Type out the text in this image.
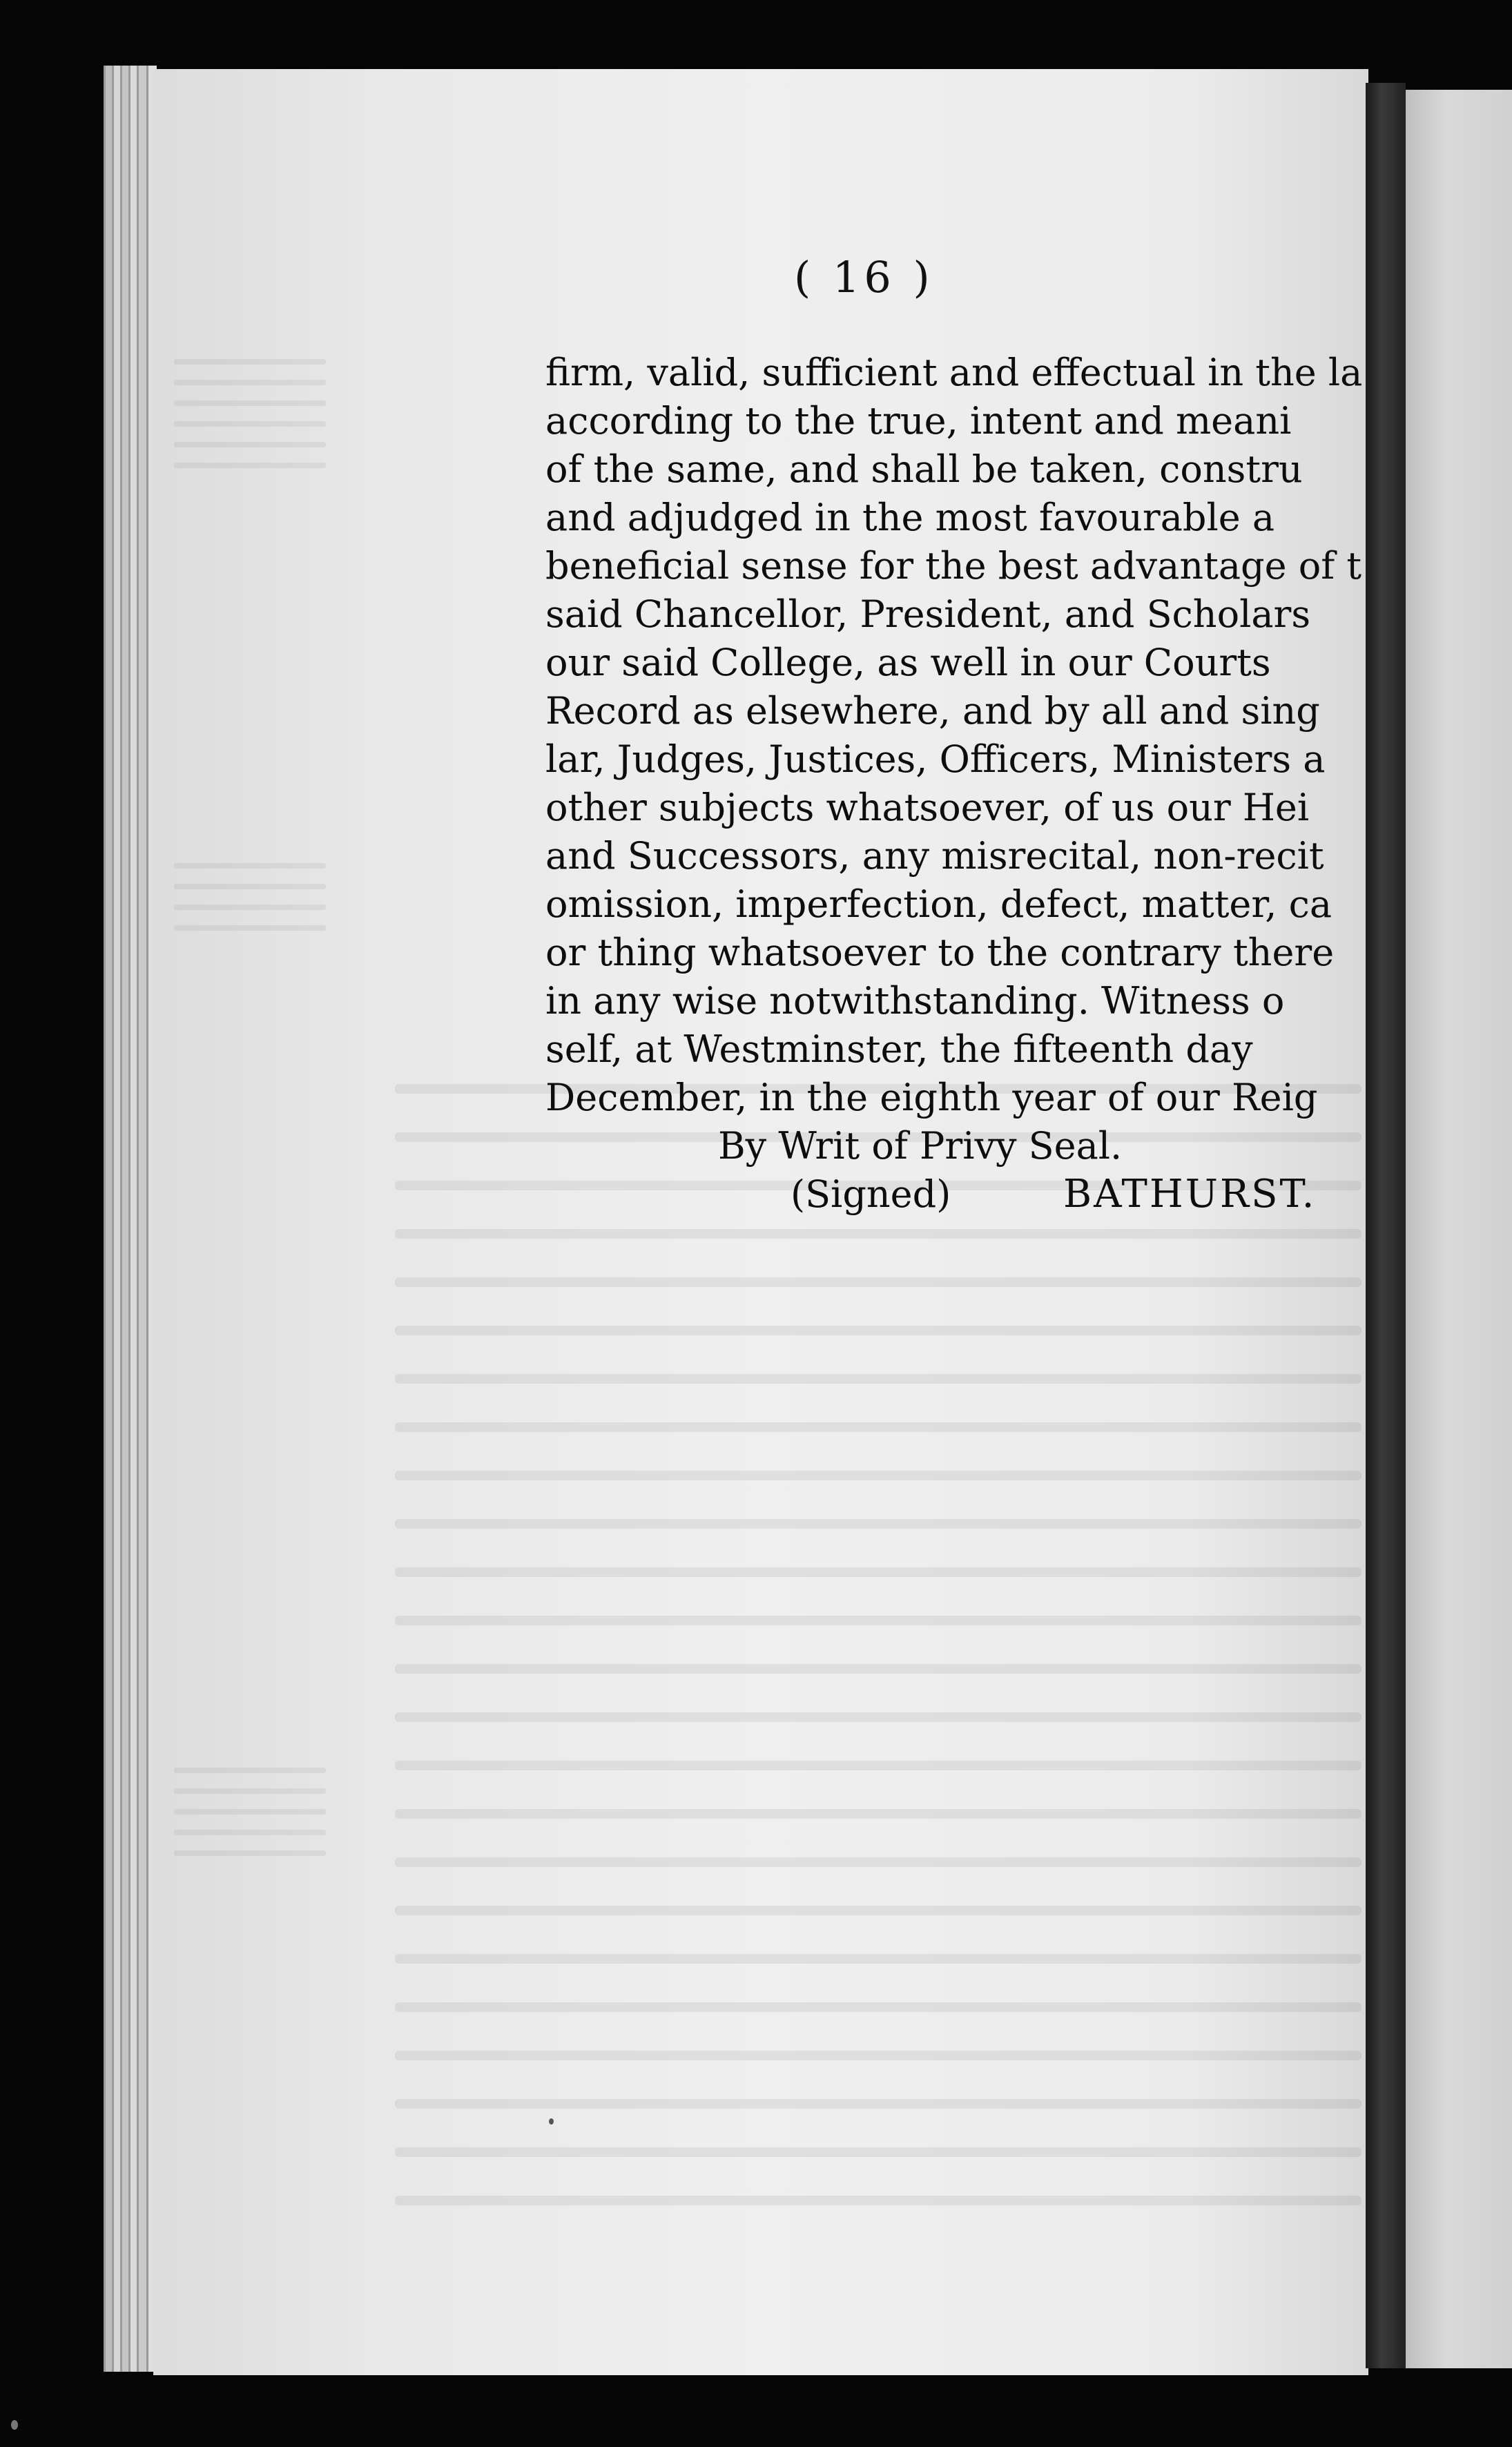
( 16 )
firm, valid, sufficient and effectual in the la
according to the true, intent and meani
of the same, and shall be taken, constru
and adjudged in the most favourable a
beneficial sense for the best advantage of t
said Chancellor, President, and Scholars
our said College, as well in our Courts
Record as elsewhere, and by all and sing
lar, Judges, Justices, Officers, Ministers a
other subjects whatsoever, of us our Hei
and Successors, any misrecital, non-recit
omission, imperfection, defect, matter, ca
or thing whatsoever to the contrary there
in any wise notwithstanding. Witness o
self, at Westminster, the fifteenth day
December, in the eighth year of our Reig
By Writ of Privy Seal.
(Signed)	BATHURST.
